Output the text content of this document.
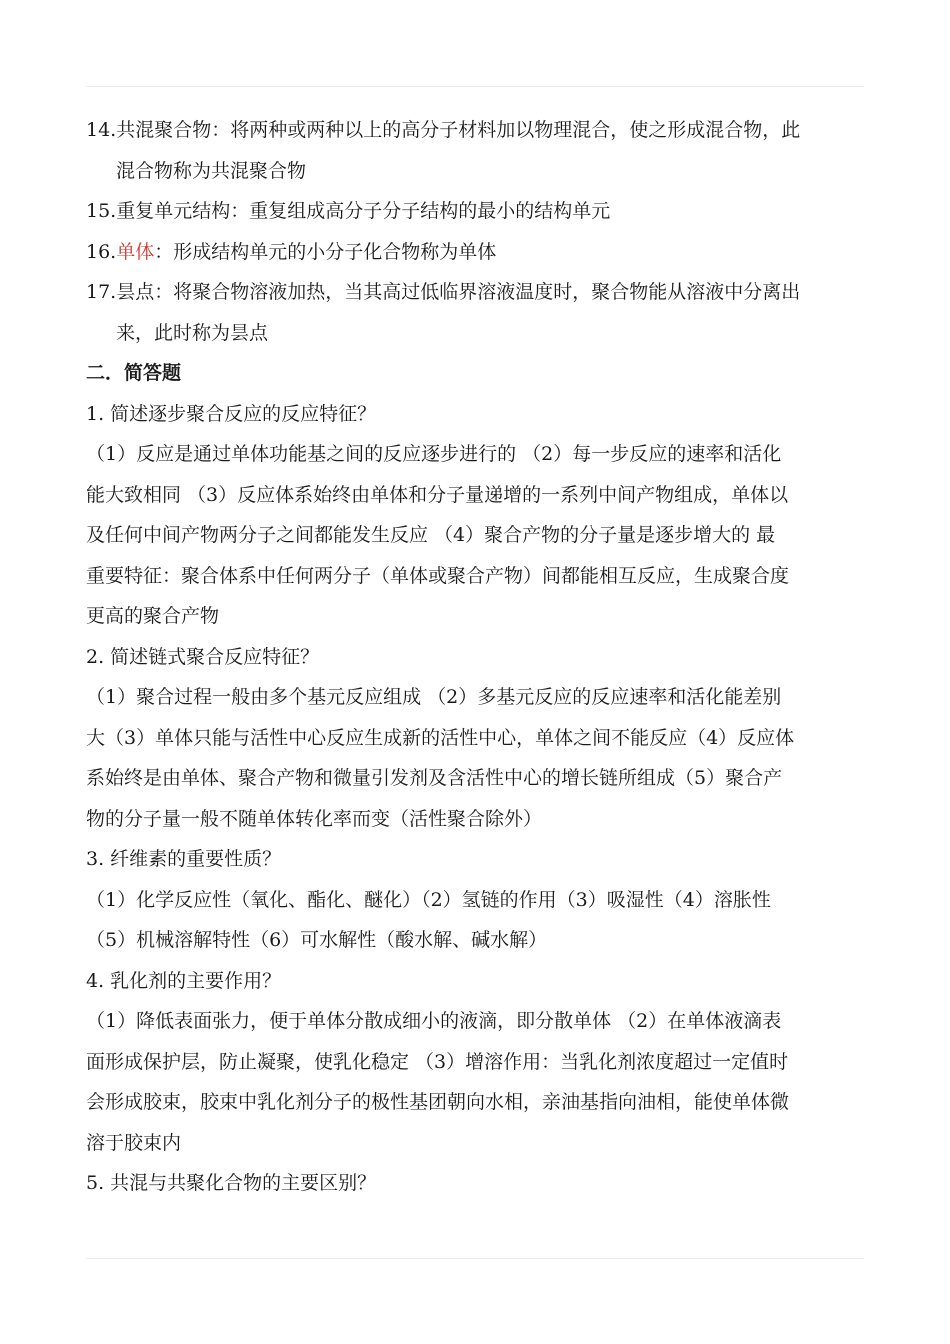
14.共混聚合物：将两种或两种以上的高分子材料加以物理混合，使之形成混合物，此
混合物称为共混聚合物
15.重复单元结构：重复组成高分子分子结构的最小的结构单元
16.单体：形成结构单元的小分子化合物称为单体
17.昙点：将聚合物溶液加热，当其高过低临界溶液温度时，聚合物能从溶液中分离出
来，此时称为昙点
二．简答题
1. 简述逐步聚合反应的反应特征？
（1）反应是通过单体功能基之间的反应逐步进行的 （2）每一步反应的速率和活化
能大致相同 （3）反应体系始终由单体和分子量递增的一系列中间产物组成，单体以
及任何中间产物两分子之间都能发生反应 （4）聚合产物的分子量是逐步增大的 最
重要特征：聚合体系中任何两分子（单体或聚合产物）间都能相互反应，生成聚合度
更高的聚合产物
2. 简述链式聚合反应特征？
（1）聚合过程一般由多个基元反应组成 （2）多基元反应的反应速率和活化能差别
大（3）单体只能与活性中心反应生成新的活性中心，单体之间不能反应（4）反应体
系始终是由单体、聚合产物和微量引发剂及含活性中心的增长链所组成（5）聚合产
物的分子量一般不随单体转化率而变（活性聚合除外）
3. 纤维素的重要性质？
（1）化学反应性（氧化、酯化、醚化）（2）氢链的作用（3）吸湿性（4）溶胀性
（5）机械溶解特性（6）可水解性（酸水解、碱水解）
4. 乳化剂的主要作用？
（1）降低表面张力，便于单体分散成细小的液滴，即分散单体 （2）在单体液滴表
面形成保护层，防止凝聚，使乳化稳定 （3）增溶作用：当乳化剂浓度超过一定值时
会形成胶束，胶束中乳化剂分子的极性基团朝向水相，亲油基指向油相，能使单体微
溶于胶束内
5. 共混与共聚化合物的主要区别？
